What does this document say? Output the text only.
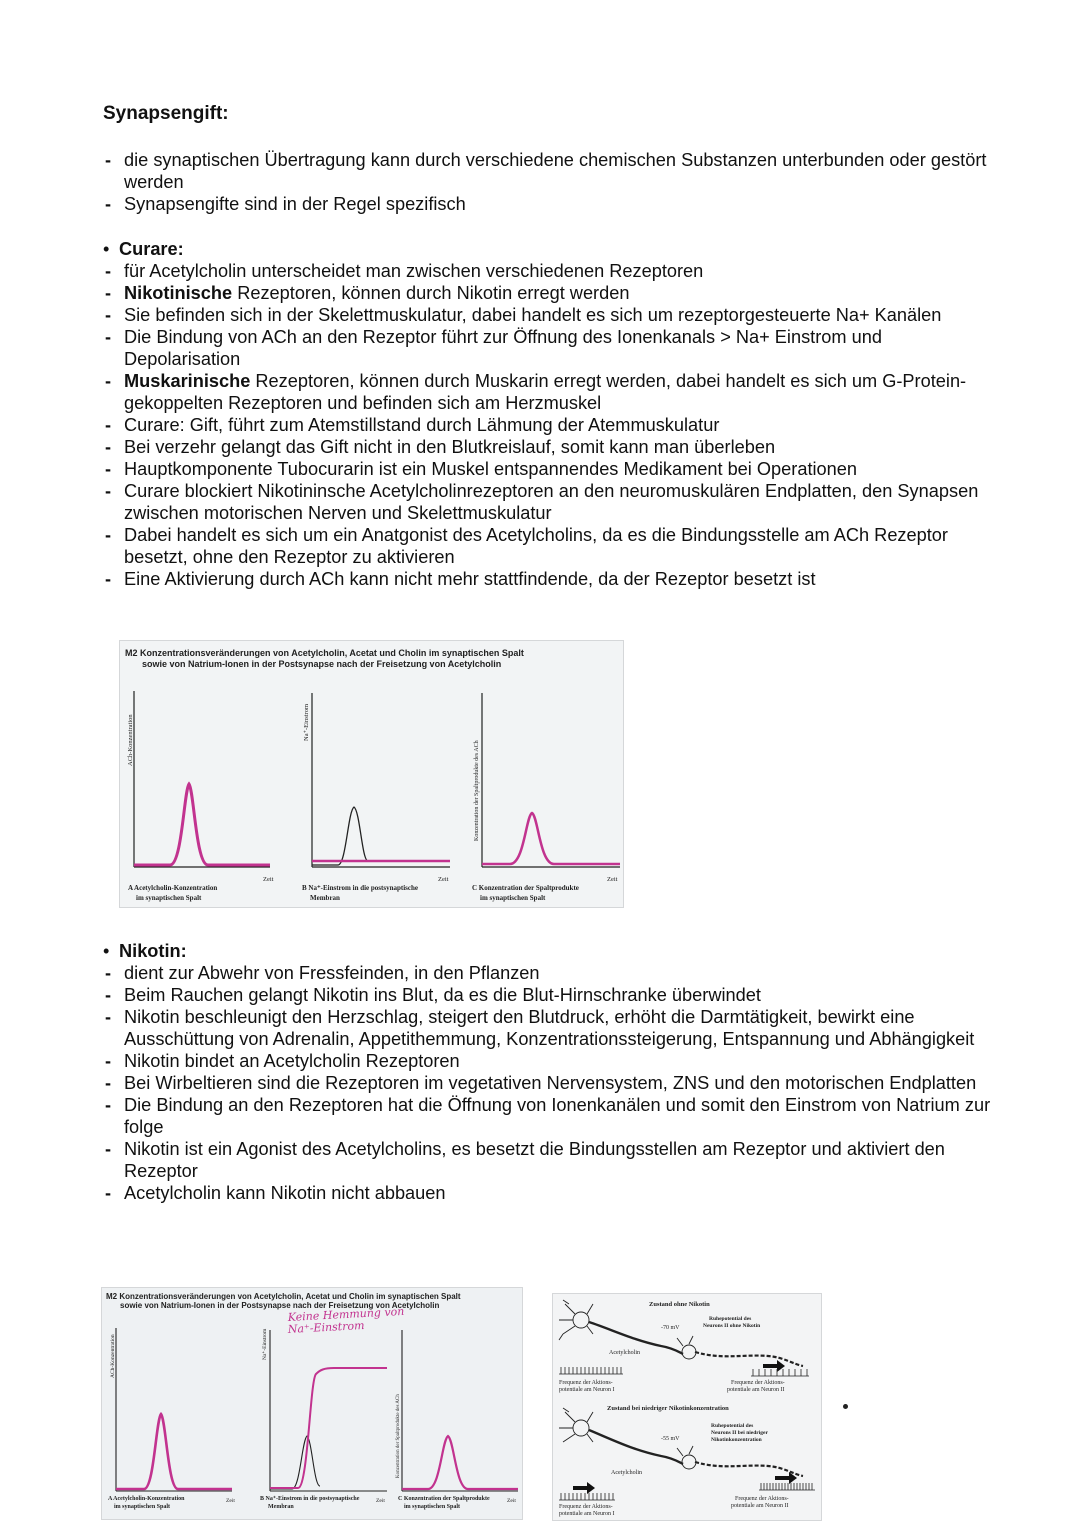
Synapsengift:
- die synaptischen Übertragung kann durch verschiedene chemischen Substanzen unterbunden oder gestört werden
- Synapsengifte sind in der Regel spezifisch
• Curare:
- für Acetylcholin unterscheidet man zwischen verschiedenen Rezeptoren
- Nikotinische Rezeptoren, können durch Nikotin erregt werden
- Sie befinden sich in der Skelettmuskulatur, dabei handelt es sich um rezeptorgesteuerte Na+ Kanälen
- Die Bindung von ACh an den Rezeptor führt zur Öffnung des Ionenkanals > Na+ Einstrom und Depolarisation
- Muskarinische Rezeptoren, können durch Muskarin erregt werden, dabei handelt es sich um G-Protein-gekoppelten Rezeptoren und befinden sich am Herzmuskel
- Curare: Gift, führt zum Atemstillstand durch Lähmung der Atemmuskulatur
- Bei verzehr gelangt das Gift nicht in den Blutkreislauf, somit kann man überleben
- Hauptkomponente Tubocurarin ist ein Muskel entspannendes Medikament bei Operationen
- Curare blockiert Nikotininsche Acetylcholinrezeptoren an den neuromuskulären Endplatten, den Synapsen zwischen motorischen Nerven und Skelettmuskulatur
- Dabei handelt es sich um ein Anatgonist des Acetylcholins, da es die Bindungsstelle am ACh Rezeptor besetzt, ohne den Rezeptor zu aktivieren
- Eine Aktivierung durch ACh kann nicht mehr stattfindende, da der Rezeptor besetzt ist
M2 Konzentrationsveränderungen von Acetylcholin, Acetat und Cholin im synaptischen Spalt
sowie von Natrium-Ionen in der Postsynapse nach der Freisetzung von Acetylcholin
ACh-Konzentration
Zeit
A Acetylcholin-Konzentration
im synaptischen Spalt
Na⁺-Einstrom
Zeit
B Na⁺-Einstrom in die postsynaptische
Membran
Konzentration der Spaltprodukte des ACh
Zeit
C Konzentration der Spaltprodukte
im synaptischen Spalt
• Nikotin:
- dient zur Abwehr von Fressfeinden, in den Pflanzen
- Beim Rauchen gelangt Nikotin ins Blut, da es die Blut-Hirnschranke überwindet
- Nikotin beschleunigt den Herzschlag, steigert den Blutdruck, erhöht die Darmtätigkeit, bewirkt eine Ausschüttung von Adrenalin, Appetithemmung, Konzentrationssteigerung, Entspannung und Abhängigkeit
- Nikotin bindet an Acetylcholin Rezeptoren
- Bei Wirbeltieren sind die Rezeptoren im vegetativen Nervensystem, ZNS und den motorischen Endplatten
- Die Bindung an den Rezeptoren hat die Öffnung von Ionenkanälen und somit den Einstrom von Natrium zur folge
- Nikotin ist ein Agonist des Acetylcholins, es besetzt die Bindungsstellen am Rezeptor und aktiviert den Rezeptor
- Acetylcholin kann Nikotin nicht abbauen
M2 Konzentrationsveränderungen von Acetylcholin, Acetat und Cholin im synaptischen Spalt
sowie von Natrium-Ionen in der Postsynapse nach der Freisetzung von Acetylcholin
Keine Hemmung von
Na⁺-Einstrom
ACh-Konzentration
Zeit
A Acetylcholin-Konzentration
im synaptischen Spalt
Na⁺-Einstrom
Zeit
B Na⁺-Einstrom in die postsynaptische
Membran
Konzentration der Spaltprodukte des ACh
Zeit
C Konzentration der Spaltprodukte
im synaptischen Spalt
Zustand ohne Nikotin
-70 mV
Ruhepotential des
Neurons II ohne Nikotin
Acetylcholin
Frequenz der Aktions-
potentiale am Neuron I
Frequenz der Aktions-
potentiale am Neuron II
Zustand bei niedriger Nikotinkonzentration
-55 mV
Ruhepotential des
Neurons II bei niedriger
Nikotinkonzentration
Acetylcholin
Frequenz der Aktions-
potentiale am Neuron I
Frequenz der Aktions-
potentiale am Neuron II
